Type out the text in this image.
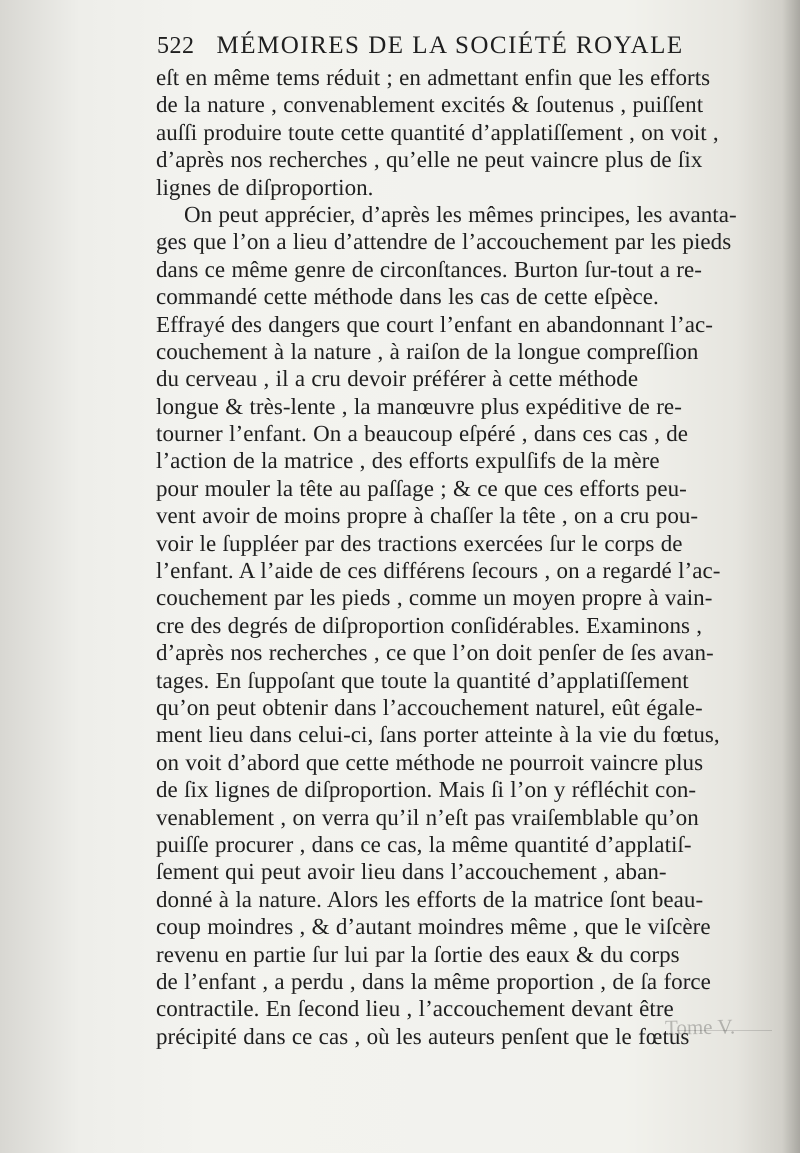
522 MÉMOIRES DE LA SOCIÉTÉ ROYALE
eſt en même tems réduit ; en admettant enfin que les efforts
de la nature , convenablement excités & ſoutenus , puiſſent
auſſi produire toute cette quantité d’applatiſſement , on voit ,
d’après nos recherches , qu’elle ne peut vaincre plus de ſix
lignes de diſproportion.
On peut apprécier, d’après les mêmes principes, les avanta-
ges que l’on a lieu d’attendre de l’accouchement par les pieds
dans ce même genre de circonſtances. Burton ſur-tout a re-
commandé cette méthode dans les cas de cette eſpèce.
Effrayé des dangers que court l’enfant en abandonnant l’ac-
couchement à la nature , à raiſon de la longue compreſſion
du cerveau , il a cru devoir préférer à cette méthode
longue & très-lente , la manœuvre plus expéditive de re-
tourner l’enfant. On a beaucoup eſpéré , dans ces cas , de
l’action de la matrice , des efforts expulſifs de la mère
pour mouler la tête au paſſage ; & ce que ces efforts peu-
vent avoir de moins propre à chaſſer la tête , on a cru pou-
voir le ſuppléer par des tractions exercées ſur le corps de
l’enfant. A l’aide de ces différens ſecours , on a regardé l’ac-
couchement par les pieds , comme un moyen propre à vain-
cre des degrés de diſproportion conſidérables. Examinons ,
d’après nos recherches , ce que l’on doit penſer de ſes avan-
tages. En ſuppoſant que toute la quantité d’applatiſſement
qu’on peut obtenir dans l’accouchement naturel, eût égale-
ment lieu dans celui-ci, ſans porter atteinte à la vie du fœtus,
on voit d’abord que cette méthode ne pourroit vaincre plus
de ſix lignes de diſproportion. Mais ſi l’on y réfléchit con-
venablement , on verra qu’il n’eſt pas vraiſemblable qu’on
puiſſe procurer , dans ce cas, la même quantité d’applatiſ-
ſement qui peut avoir lieu dans l’accouchement , aban-
donné à la nature. Alors les efforts de la matrice ſont beau-
coup moindres , & d’autant moindres même , que le viſcère
revenu en partie ſur lui par la ſortie des eaux & du corps
de l’enfant , a perdu , dans la même proportion , de ſa force
contractile. En ſecond lieu , l’accouchement devant être
précipité dans ce cas , où les auteurs penſent que le fœtus
Tome V.
